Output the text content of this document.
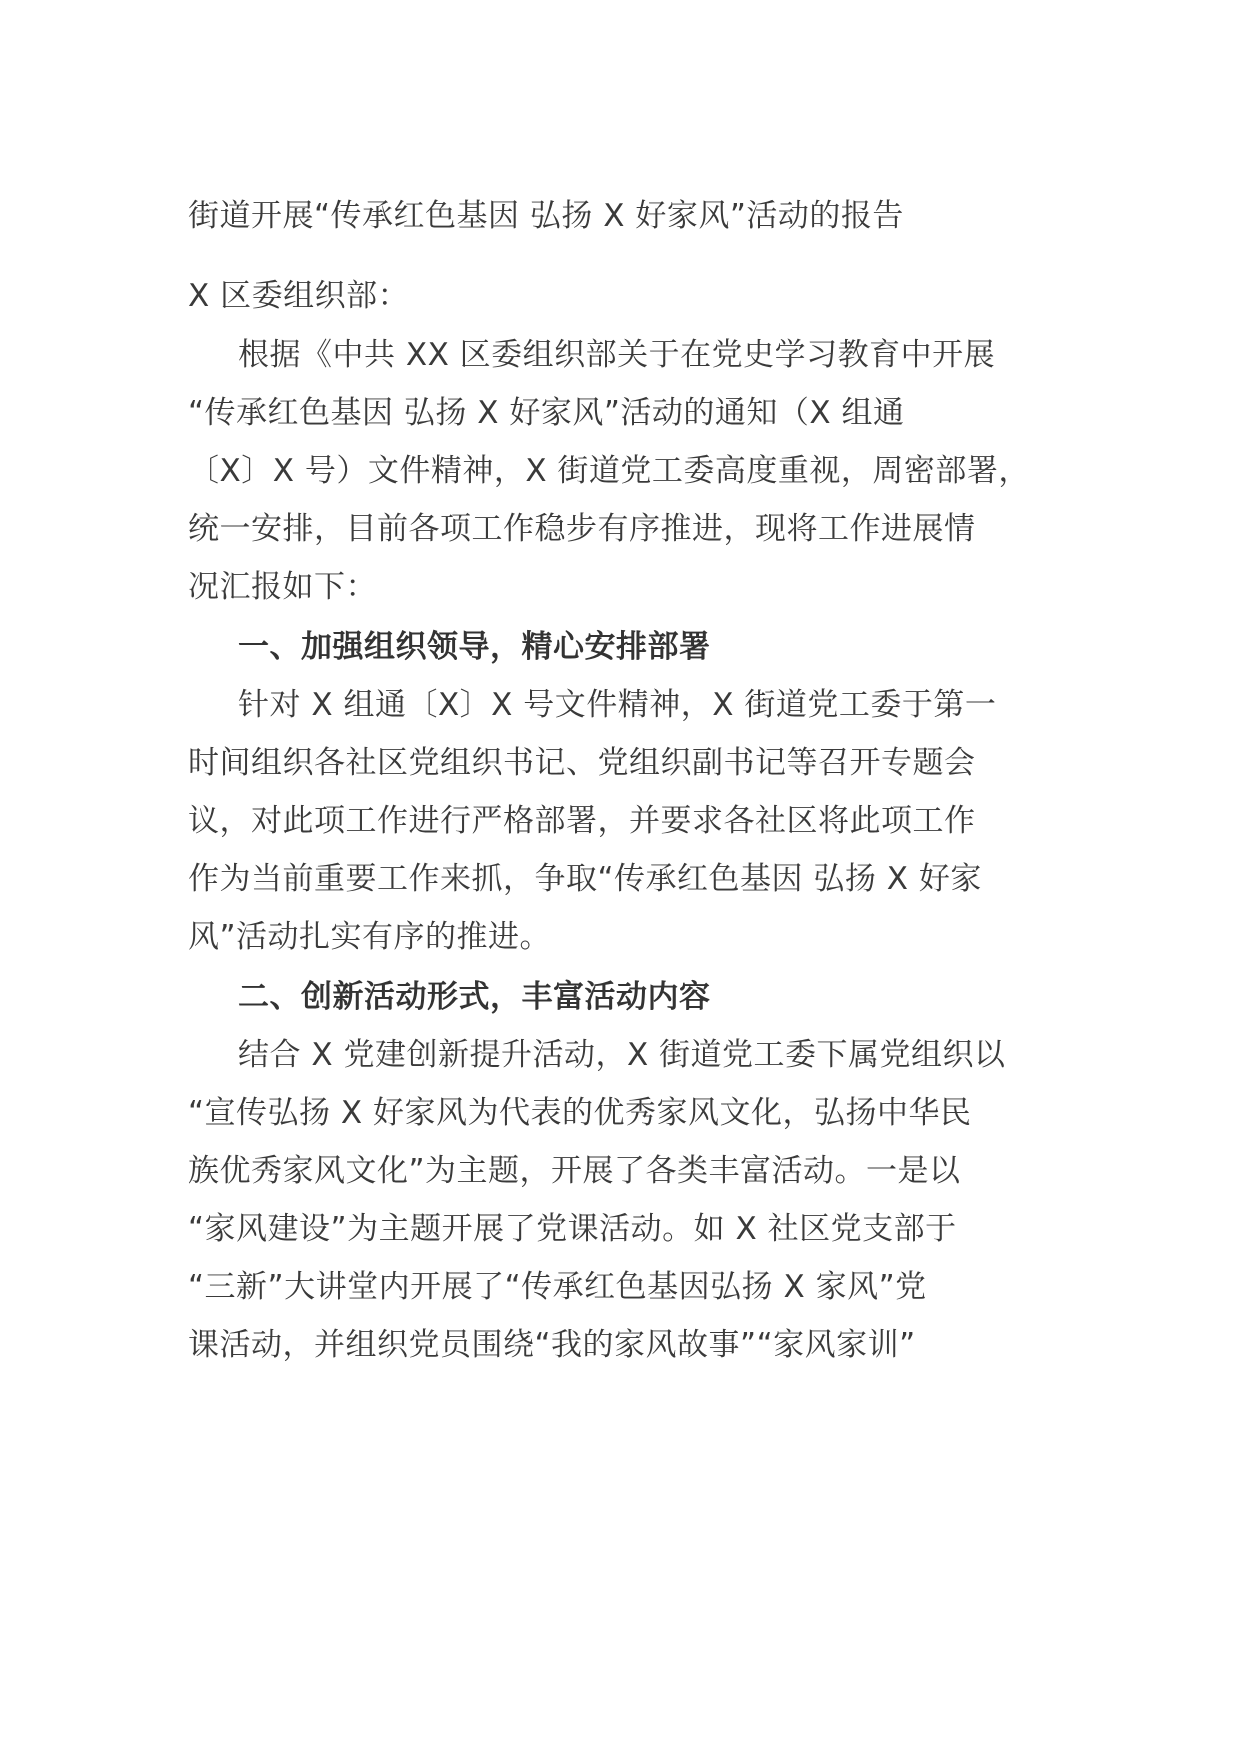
街道开展“传承红色基因 弘扬 X 好家风”活动的报告
X 区委组织部：
根据《中共 XX 区委组织部关于在党史学习教育中开展
“传承红色基因 弘扬 X 好家风”活动的通知（X 组通
〔X〕X 号）文件精神，X 街道党工委高度重视，周密部署，
统一安排，目前各项工作稳步有序推进，现将工作进展情
况汇报如下：
一、加强组织领导，精心安排部署
针对 X 组通〔X〕X 号文件精神，X 街道党工委于第一
时间组织各社区党组织书记、党组织副书记等召开专题会
议，对此项工作进行严格部署，并要求各社区将此项工作
作为当前重要工作来抓，争取“传承红色基因 弘扬 X 好家
风”活动扎实有序的推进。
二、创新活动形式，丰富活动内容
结合 X 党建创新提升活动，X 街道党工委下属党组织以
“宣传弘扬 X 好家风为代表的优秀家风文化，弘扬中华民
族优秀家风文化”为主题，开展了各类丰富活动。一是以
“家风建设”为主题开展了党课活动。如 X 社区党支部于
“三新”大讲堂内开展了“传承红色基因弘扬 X 家风”党
课活动，并组织党员围绕“我的家风故事”“家风家训”
